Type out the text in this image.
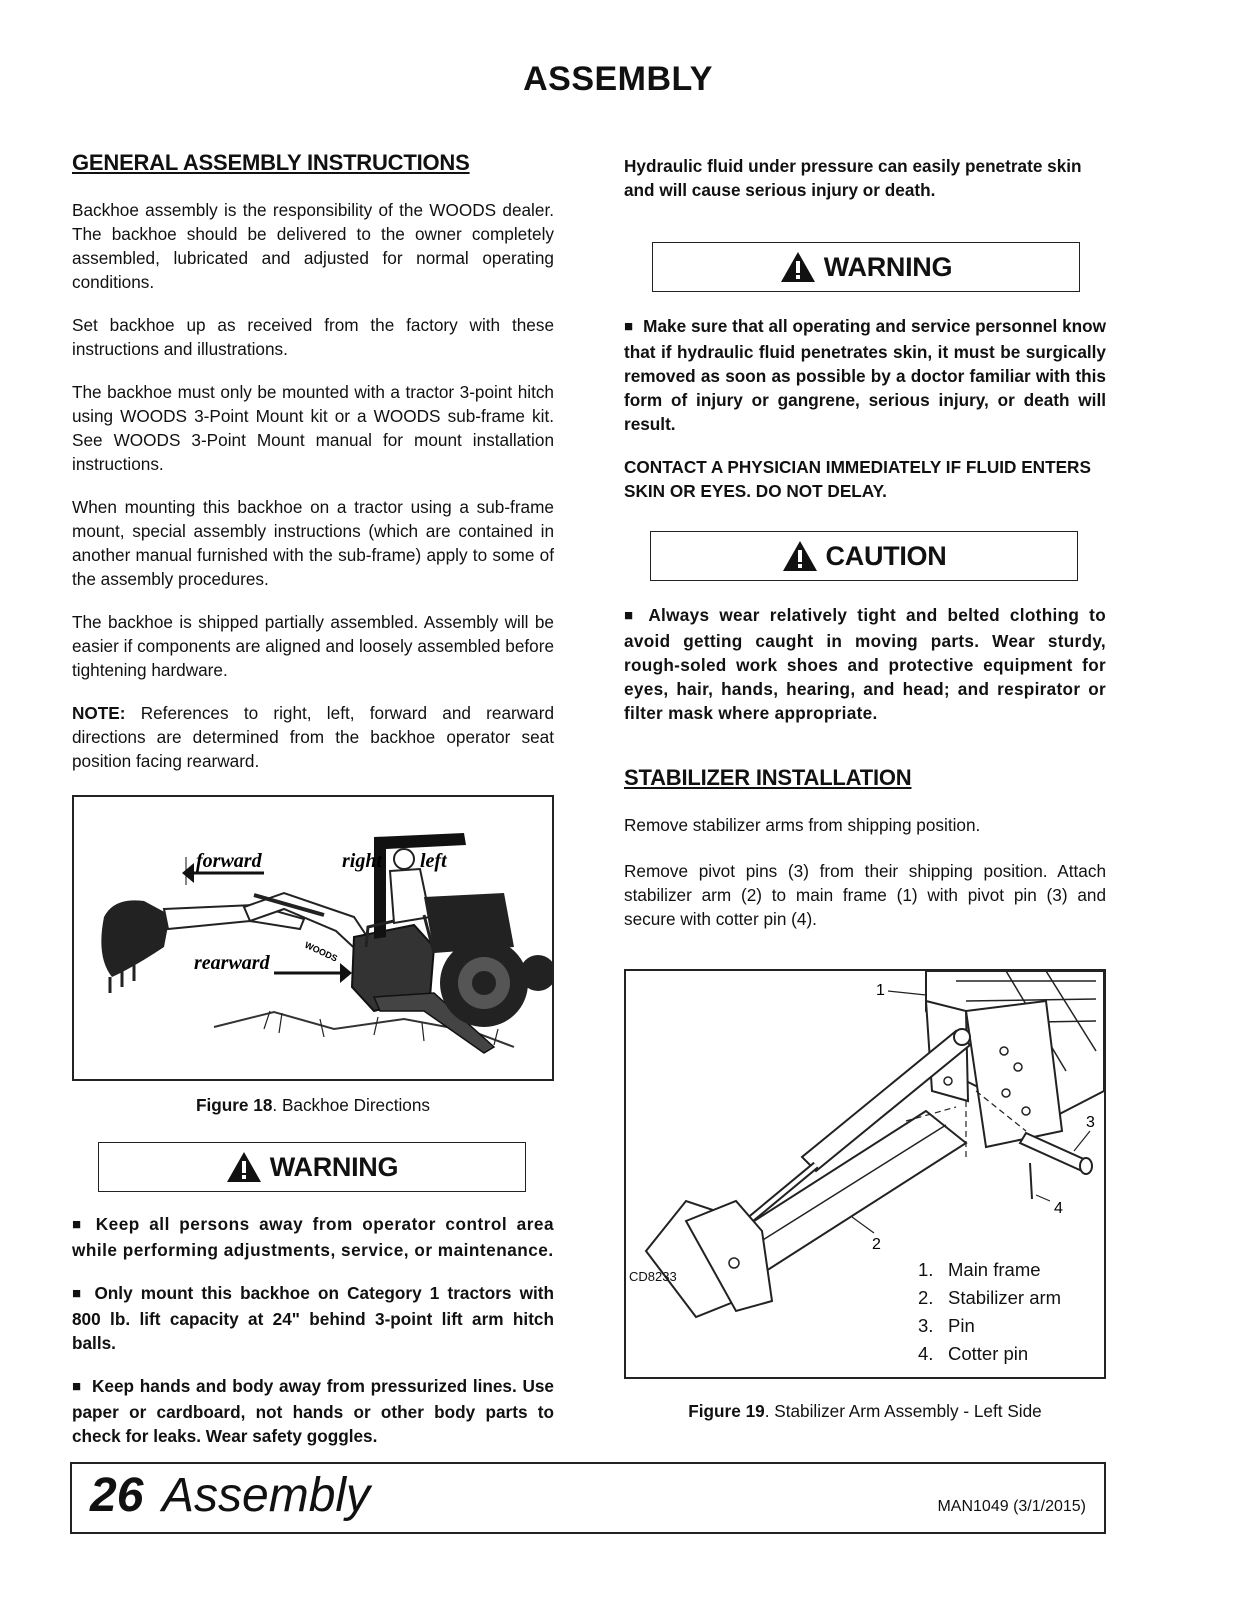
ASSEMBLY
GENERAL ASSEMBLY INSTRUCTIONS

Backhoe assembly is the responsibility of the WOODS dealer. The backhoe should be delivered to the owner completely assembled, lubricated and adjusted for normal operating conditions.

Set backhoe up as received from the factory with these instructions and illustrations.

The backhoe must only be mounted with a tractor 3-point hitch using WOODS 3-Point Mount kit or a WOODS sub-frame kit. See WOODS 3-Point Mount manual for mount installation instructions.

When mounting this backhoe on a tractor using a sub-frame mount, special assembly instructions (which are contained in another manual furnished with the sub-frame) apply to some of the assembly procedures.

The backhoe is shipped partially assembled. Assembly will be easier if components are aligned and loosely assembled before tightening hardware.

NOTE: References to right, left, forward and rearward directions are determined from the backhoe operator seat position facing rearward.

forward
rearward
right left
WOODS
Figure 18. Backhoe Directions
WARNING

■ Keep all persons away from operator control area while performing adjustments, service, or maintenance.

■ Only mount this backhoe on Category 1 tractors with 800 lb. lift capacity at 24" behind 3-point lift arm hitch balls.

■ Keep hands and body away from pressurized lines. Use paper or cardboard, not hands or other body parts to check for leaks. Wear safety goggles.

Hydraulic fluid under pressure can easily penetrate skin and will cause serious injury or death.

WARNING

■ Make sure that all operating and service personnel know that if hydraulic fluid penetrates skin, it must be surgically removed as soon as possible by a doctor familiar with this form of injury or gangrene, serious injury, or death will result.

CONTACT A PHYSICIAN IMMEDIATELY IF FLUID ENTERS SKIN OR EYES. DO NOT DELAY.

CAUTION

■ Always wear relatively tight and belted clothing to avoid getting caught in moving parts. Wear sturdy, rough-soled work shoes and protective equipment for eyes, hair, hands, hearing, and head; and respirator or filter mask where appropriate.

STABILIZER INSTALLATION

Remove stabilizer arms from shipping position.

Remove pivot pins (3) from their shipping position. Attach stabilizer arm (2) to main frame (1) with pivot pin (3) and secure with cotter pin (4).

1
2
3
4
CD8233	1. Main frame
2. Stabilizer arm
3. Pin
4. Cotter pin
Figure 19. Stabilizer Arm Assembly - Left Side
26 Assembly	MAN1049 (3/1/2015)
